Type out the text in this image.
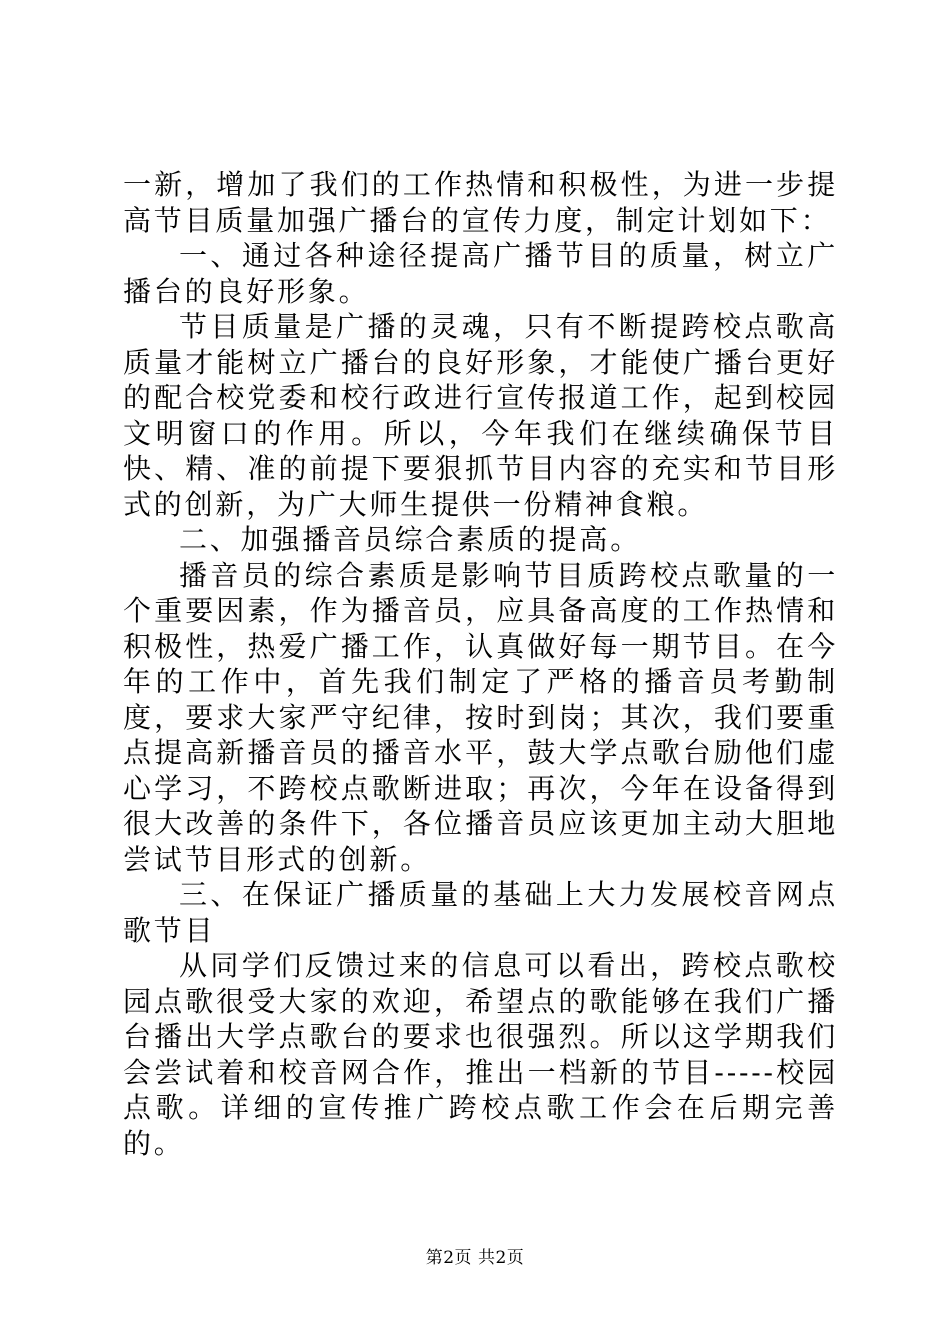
一新，增加了我们的工作热情和积极性，为进一步提高节目质量加强广播台的宣传力度，制定计划如下：

一、通过各种途径提高广播节目的质量，树立广播台的良好形象。

节目质量是广播的灵魂，只有不断提跨校点歌高质量才能树立广播台的良好形象，才能使广播台更好的配合校党委和校行政进行宣传报道工作，起到校园文明窗口的作用。所以，今年我们在继续确保节目快、精、准的前提下要狠抓节目内容的充实和节目形式的创新，为广大师生提供一份精神食粮。

二、加强播音员综合素质的提高。

播音员的综合素质是影响节目质跨校点歌量的一个重要因素，作为播音员，应具备高度的工作热情和积极性，热爱广播工作，认真做好每一期节目。在今年的工作中，首先我们制定了严格的播音员考勤制度，要求大家严守纪律，按时到岗；其次，我们要重点提高新播音员的播音水平，鼓大学点歌台励他们虚心学习，不跨校点歌断进取；再次，今年在设备得到很大改善的条件下，各位播音员应该更加主动大胆地尝试节目形式的创新。

三、在保证广播质量的基础上大力发展校音网点歌节目

从同学们反馈过来的信息可以看出，跨校点歌校园点歌很受大家的欢迎，希望点的歌能够在我们广播台播出大学点歌台的要求也很强烈。所以这学期我们会尝试着和校音网合作，推出一档新的节目-----校园点歌。详细的宣传推广跨校点歌工作会在后期完善的。

第2页 共2页
